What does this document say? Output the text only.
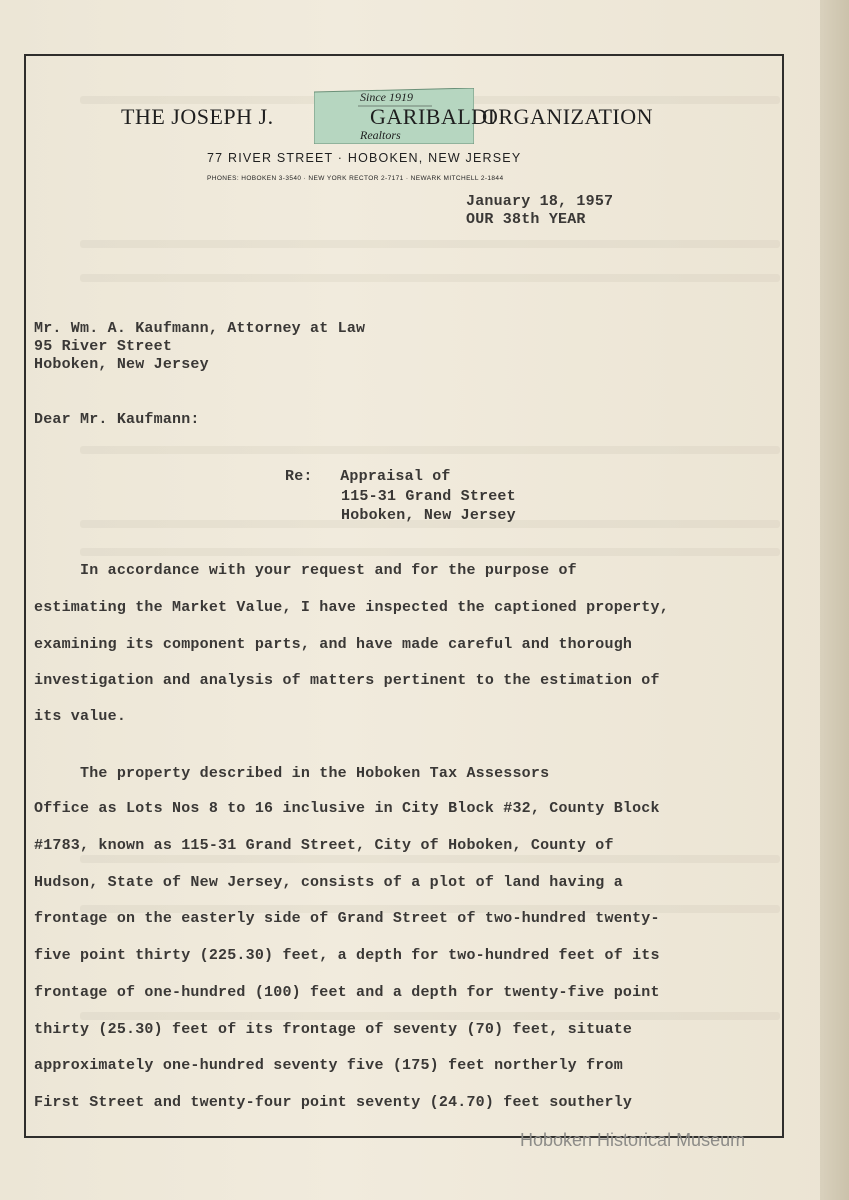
Since 1919
THE JOSEPH J.	GARIBALDI
ORGANIZATION
Realtors
77 RIVER STREET · HOBOKEN, NEW JERSEY
PHONES: HOBOKEN 3-3540 · NEW YORK RECTOR 2-7171 · NEWARK MITCHELL 2-1844
January 18, 1957
OUR 38th YEAR
Mr. Wm. A. Kaufmann, Attorney at Law
95 River Street
Hoboken, New Jersey
Dear Mr. Kaufmann:
Re: Appraisal of
115-31 Grand Street
Hoboken, New Jersey
In accordance with your request and for the purpose of
estimating the Market Value, I have inspected the captioned property,
examining its component parts, and have made careful and thorough
investigation and analysis of matters pertinent to the estimation of
its value.
The property described in the Hoboken Tax Assessors
Office as Lots Nos 8 to 16 inclusive in City Block #32, County Block
#1783, known as 115-31 Grand Street, City of Hoboken, County of
Hudson, State of New Jersey, consists of a plot of land having a
frontage on the easterly side of Grand Street of two-hundred twenty-
five point thirty (225.30) feet, a depth for two-hundred feet of its
frontage of one-hundred (100) feet and a depth for twenty-five point
thirty (25.30) feet of its frontage of seventy (70) feet, situate
approximately one-hundred seventy five (175) feet northerly from
First Street and twenty-four point seventy (24.70) feet southerly
Hoboken Historical Museum
